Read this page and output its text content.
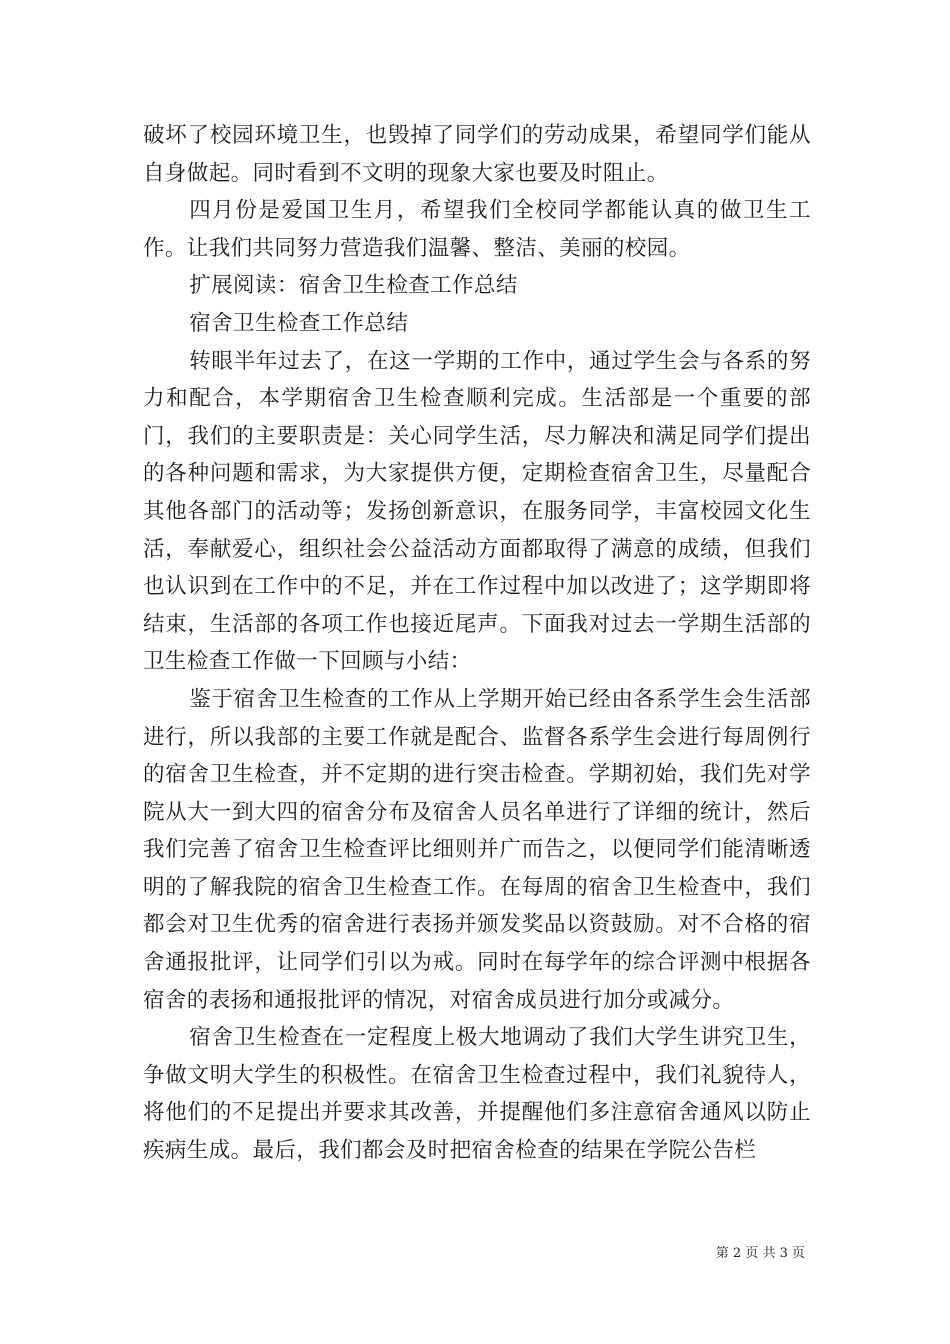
破坏了校园环境卫生，也毁掉了同学们的劳动成果，希望同学们能从自身做起。同时看到不文明的现象大家也要及时阻止。

四月份是爱国卫生月，希望我们全校同学都能认真的做卫生工作。让我们共同努力营造我们温馨、整洁、美丽的校园。

扩展阅读：宿舍卫生检查工作总结

宿舍卫生检查工作总结

转眼半年过去了，在这一学期的工作中，通过学生会与各系的努力和配合，本学期宿舍卫生检查顺利完成。生活部是一个重要的部门，我们的主要职责是：关心同学生活，尽力解决和满足同学们提出的各种问题和需求，为大家提供方便，定期检查宿舍卫生，尽量配合其他各部门的活动等；发扬创新意识，在服务同学，丰富校园文化生活，奉献爱心，组织社会公益活动方面都取得了满意的成绩，但我们也认识到在工作中的不足，并在工作过程中加以改进了；这学期即将结束，生活部的各项工作也接近尾声。下面我对过去一学期生活部的卫生检查工作做一下回顾与小结：

鉴于宿舍卫生检查的工作从上学期开始已经由各系学生会生活部进行，所以我部的主要工作就是配合、监督各系学生会进行每周例行的宿舍卫生检查，并不定期的进行突击检查。学期初始，我们先对学院从大一到大四的宿舍分布及宿舍人员名单进行了详细的统计，然后我们完善了宿舍卫生检查评比细则并广而告之，以便同学们能清晰透明的了解我院的宿舍卫生检查工作。在每周的宿舍卫生检查中，我们都会对卫生优秀的宿舍进行表扬并颁发奖品以资鼓励。对不合格的宿舍通报批评，让同学们引以为戒。同时在每学年的综合评测中根据各宿舍的表扬和通报批评的情况，对宿舍成员进行加分或减分。

宿舍卫生检查在一定程度上极大地调动了我们大学生讲究卫生，争做文明大学生的积极性。在宿舍卫生检查过程中，我们礼貌待人，将他们的不足提出并要求其改善，并提醒他们多注意宿舍通风以防止疾病生成。最后，我们都会及时把宿舍检查的结果在学院公告栏

第 2 页 共 3 页
